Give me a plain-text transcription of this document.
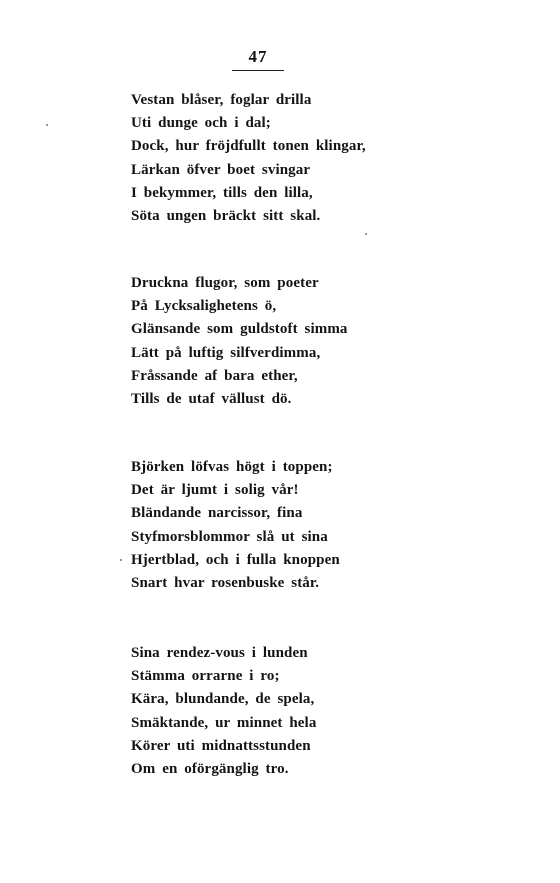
47
Vestan blåser, foglar drilla
Uti dunge och i dal;
Dock, hur fröjdfullt tonen klingar,
Lärkan öfver boet svingar
I bekymmer, tills den lilla,
Söta ungen bräckt sitt skal.
Druckna flugor, som poeter
På Lycksalighetens ö,
Glänsande som guldstoft simma
Lätt på luftig silfverdimma,
Fråssande af bara ether,
Tills de utaf vällust dö.
Björken löfvas högt i toppen;
Det är ljumt i solig vår!
Bländande narcissor, fina
Styfmorsblommor slå ut sina
Hjertblad, och i fulla knoppen
Snart hvar rosenbuske står.
Sina rendez-vous i lunden
Stämma orrarne i ro;
Kära, blundande, de spela,
Smäktande, ur minnet hela
Körer uti midnattsstunden
Om en oförgänglig tro.
